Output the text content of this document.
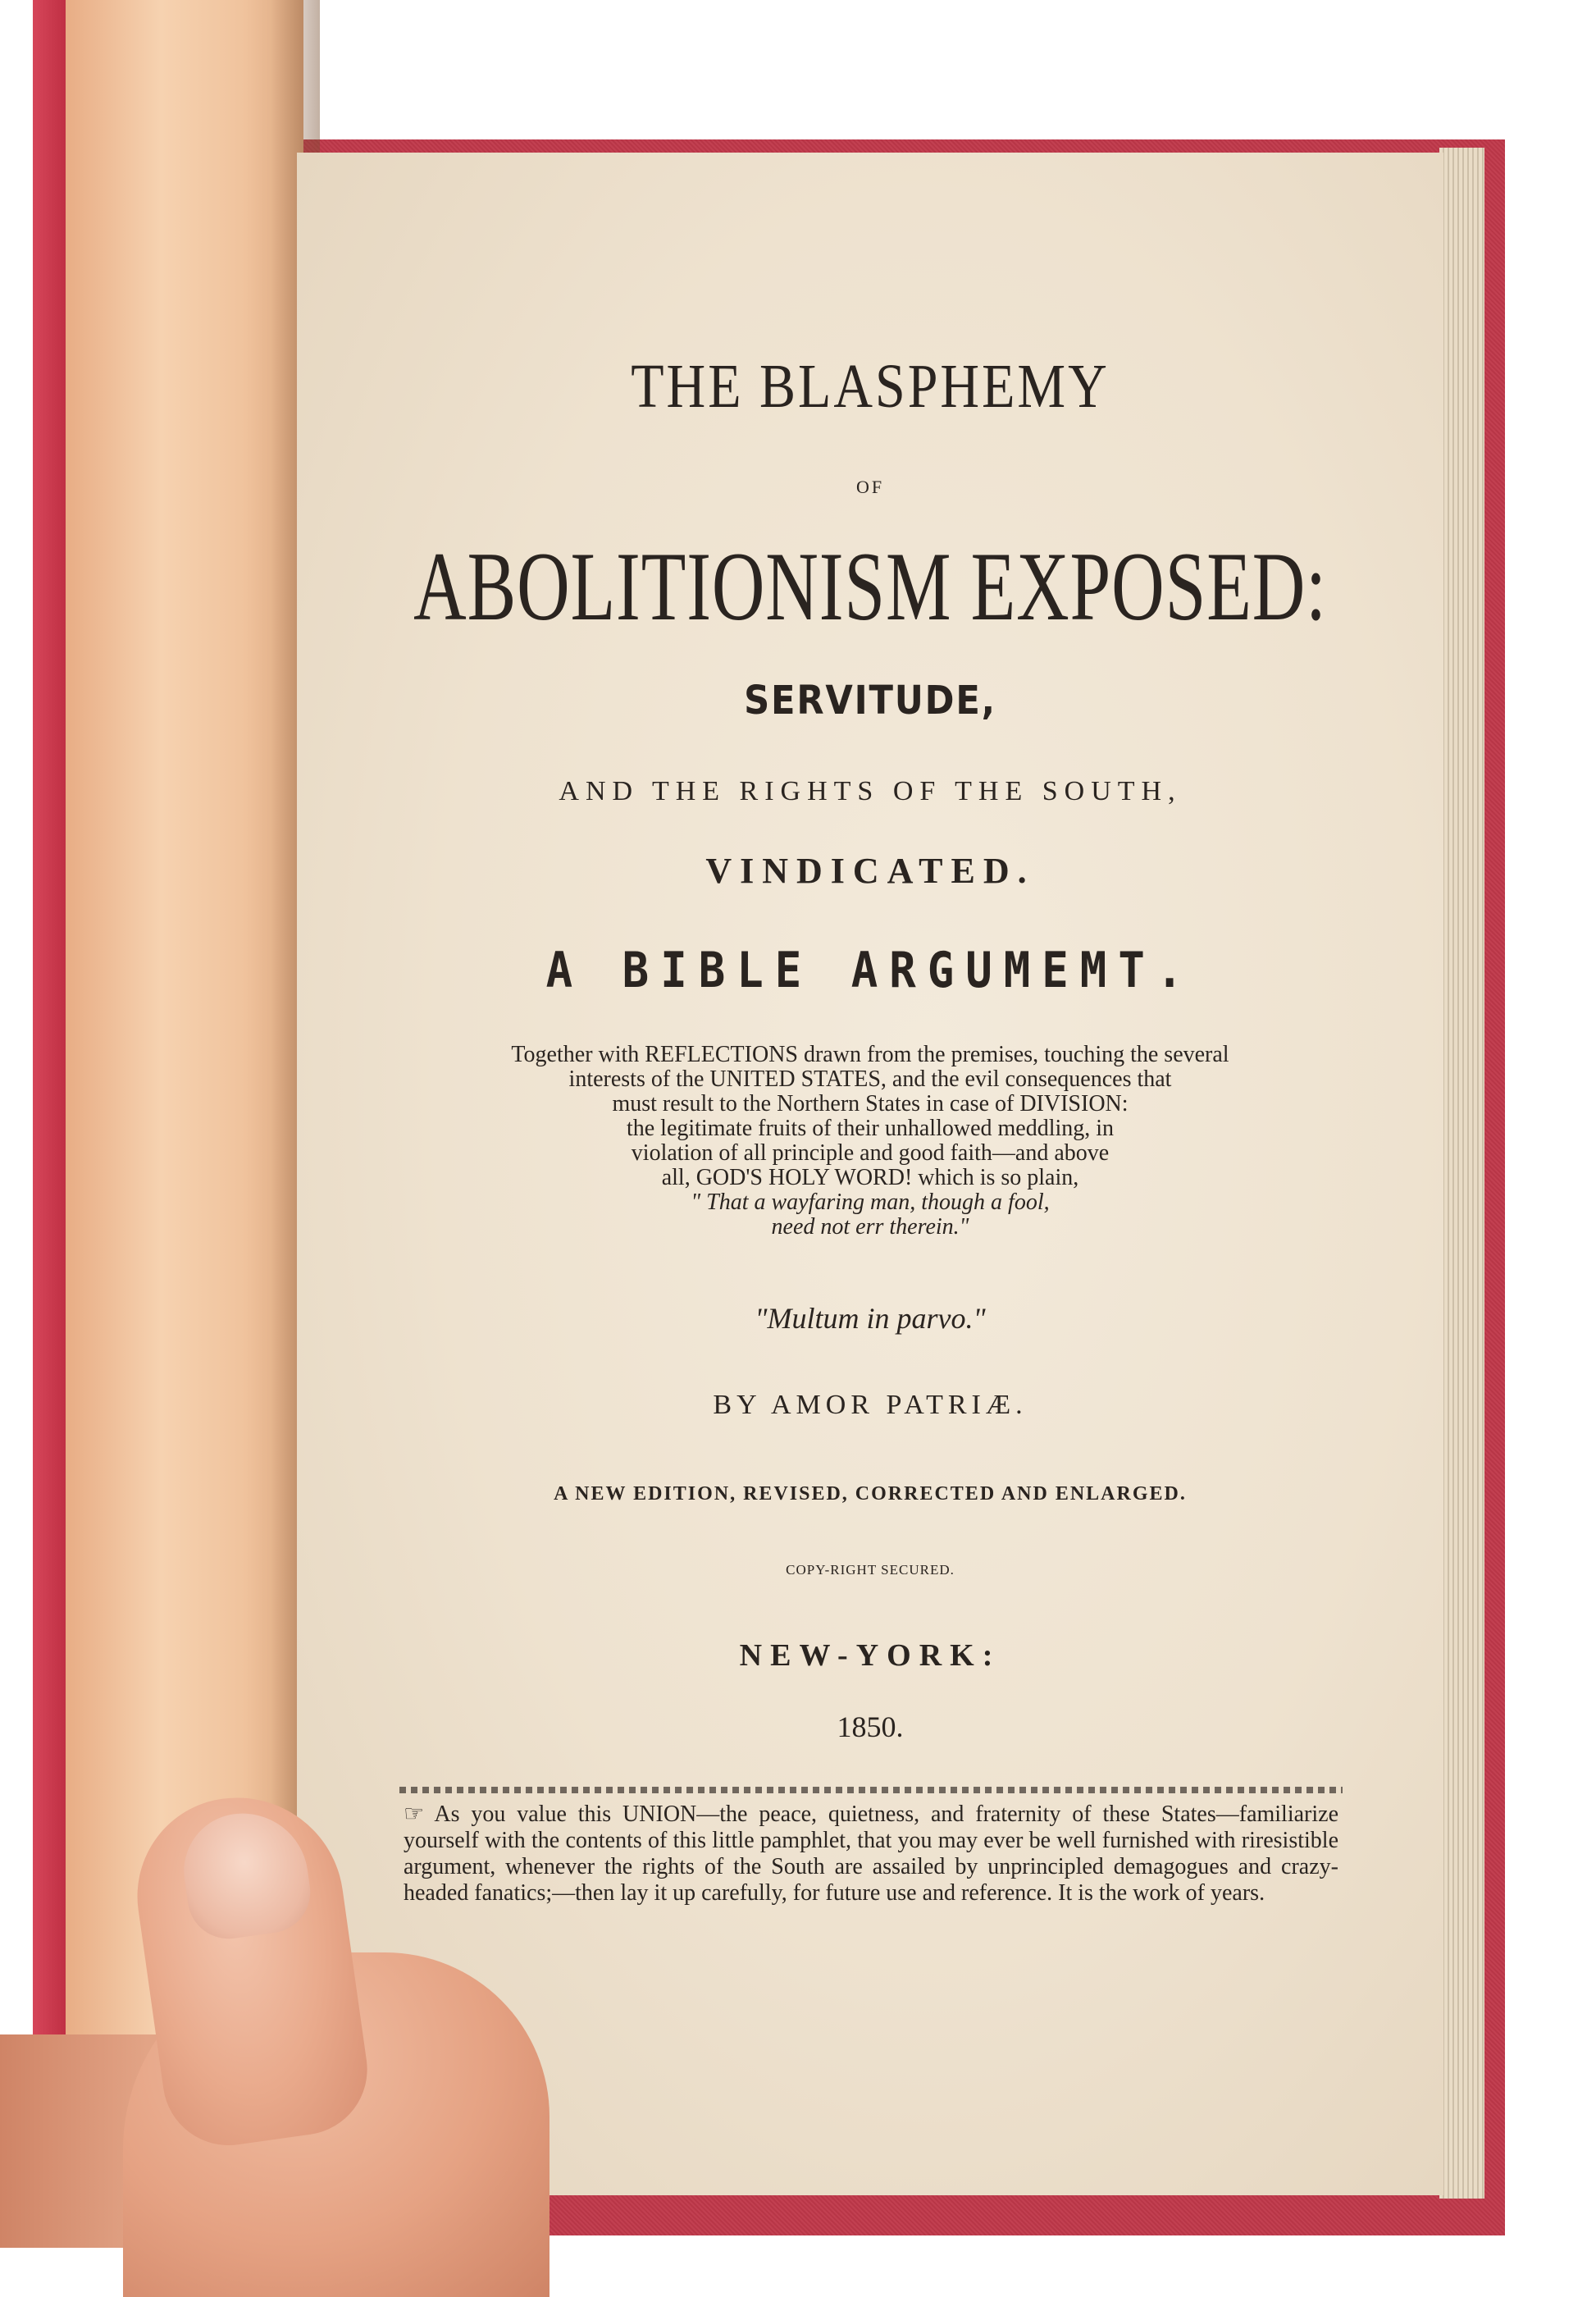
THE BLASPHEMY
OF
ABOLITIONISM EXPOSED:
SERVITUDE,
AND THE RIGHTS OF THE SOUTH,
VINDICATED.
A BIBLE ARGUMEMT.
Together with REFLECTIONS drawn from the premises, touching the several
interests of the UNITED STATES, and the evil consequences that
must result to the Northern States in case of DIVISION:
the legitimate fruits of their unhallowed meddling, in
violation of all principle and good faith—and above
all, GOD'S HOLY WORD! which is so plain,
" That a wayfaring man, though a fool,
need not err therein."
"Multum in parvo."
BY AMOR PATRIÆ.
A NEW EDITION, REVISED, CORRECTED AND ENLARGED.
COPY-RIGHT SECURED.
NEW-YORK:
1850.
☞ As you value this UNION—the peace, quietness, and fraternity of these States—familiarize yourself with the contents of this little pamphlet, that you may ever be well furnished with riresistible argument, whenever the rights of the South are assailed by unprincipled demagogues and crazy-headed fanatics;—then lay it up carefully, for future use and reference. It is the work of years.
